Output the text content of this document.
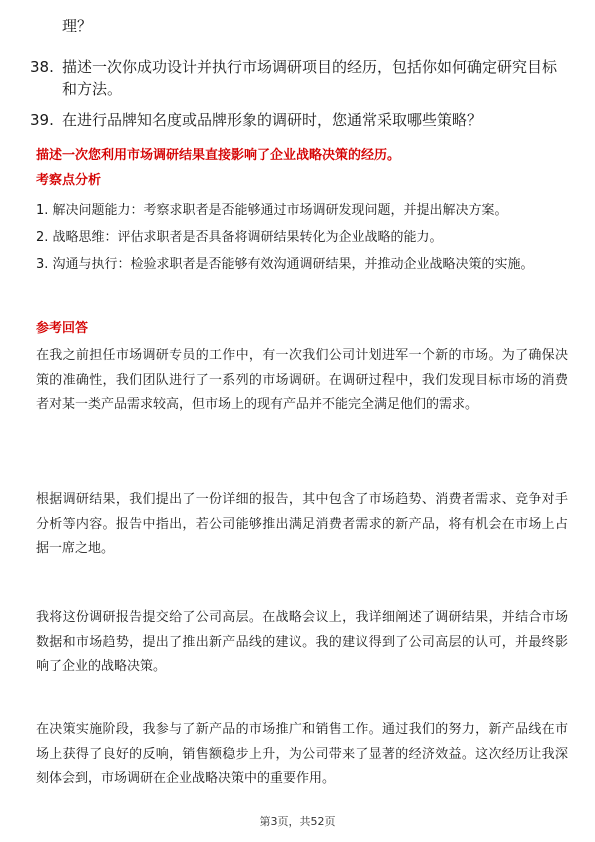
理？

38. 描述一次你成功设计并执行市场调研项目的经历，包括你如何确定研究目标和方法。
39. 在进行品牌知名度或品牌形象的调研时，您通常采取哪些策略？

描述一次您利用市场调研结果直接影响了企业战略决策的经历。

考察点分析

1. 解决问题能力：考察求职者是否能够通过市场调研发现问题，并提出解决方案。
2. 战略思维：评估求职者是否具备将调研结果转化为企业战略的能力。
3. 沟通与执行：检验求职者是否能够有效沟通调研结果，并推动企业战略决策的实施。

参考回答

在我之前担任市场调研专员的工作中，有一次我们公司计划进军一个新的市场。为了确保决策的准确性，我们团队进行了一系列的市场调研。在调研过程中，我们发现目标市场的消费者对某一类产品需求较高，但市场上的现有产品并不能完全满足他们的需求。

根据调研结果，我们提出了一份详细的报告，其中包含了市场趋势、消费者需求、竞争对手分析等内容。报告中指出，若公司能够推出满足消费者需求的新产品，将有机会在市场上占据一席之地。

我将这份调研报告提交给了公司高层。在战略会议上，我详细阐述了调研结果，并结合市场数据和市场趋势，提出了推出新产品线的建议。我的建议得到了公司高层的认可，并最终影响了企业的战略决策。

在决策实施阶段，我参与了新产品的市场推广和销售工作。通过我们的努力，新产品线在市场上获得了良好的反响，销售额稳步上升，为公司带来了显著的经济效益。这次经历让我深刻体会到，市场调研在企业战略决策中的重要作用。

第3页，共52页
